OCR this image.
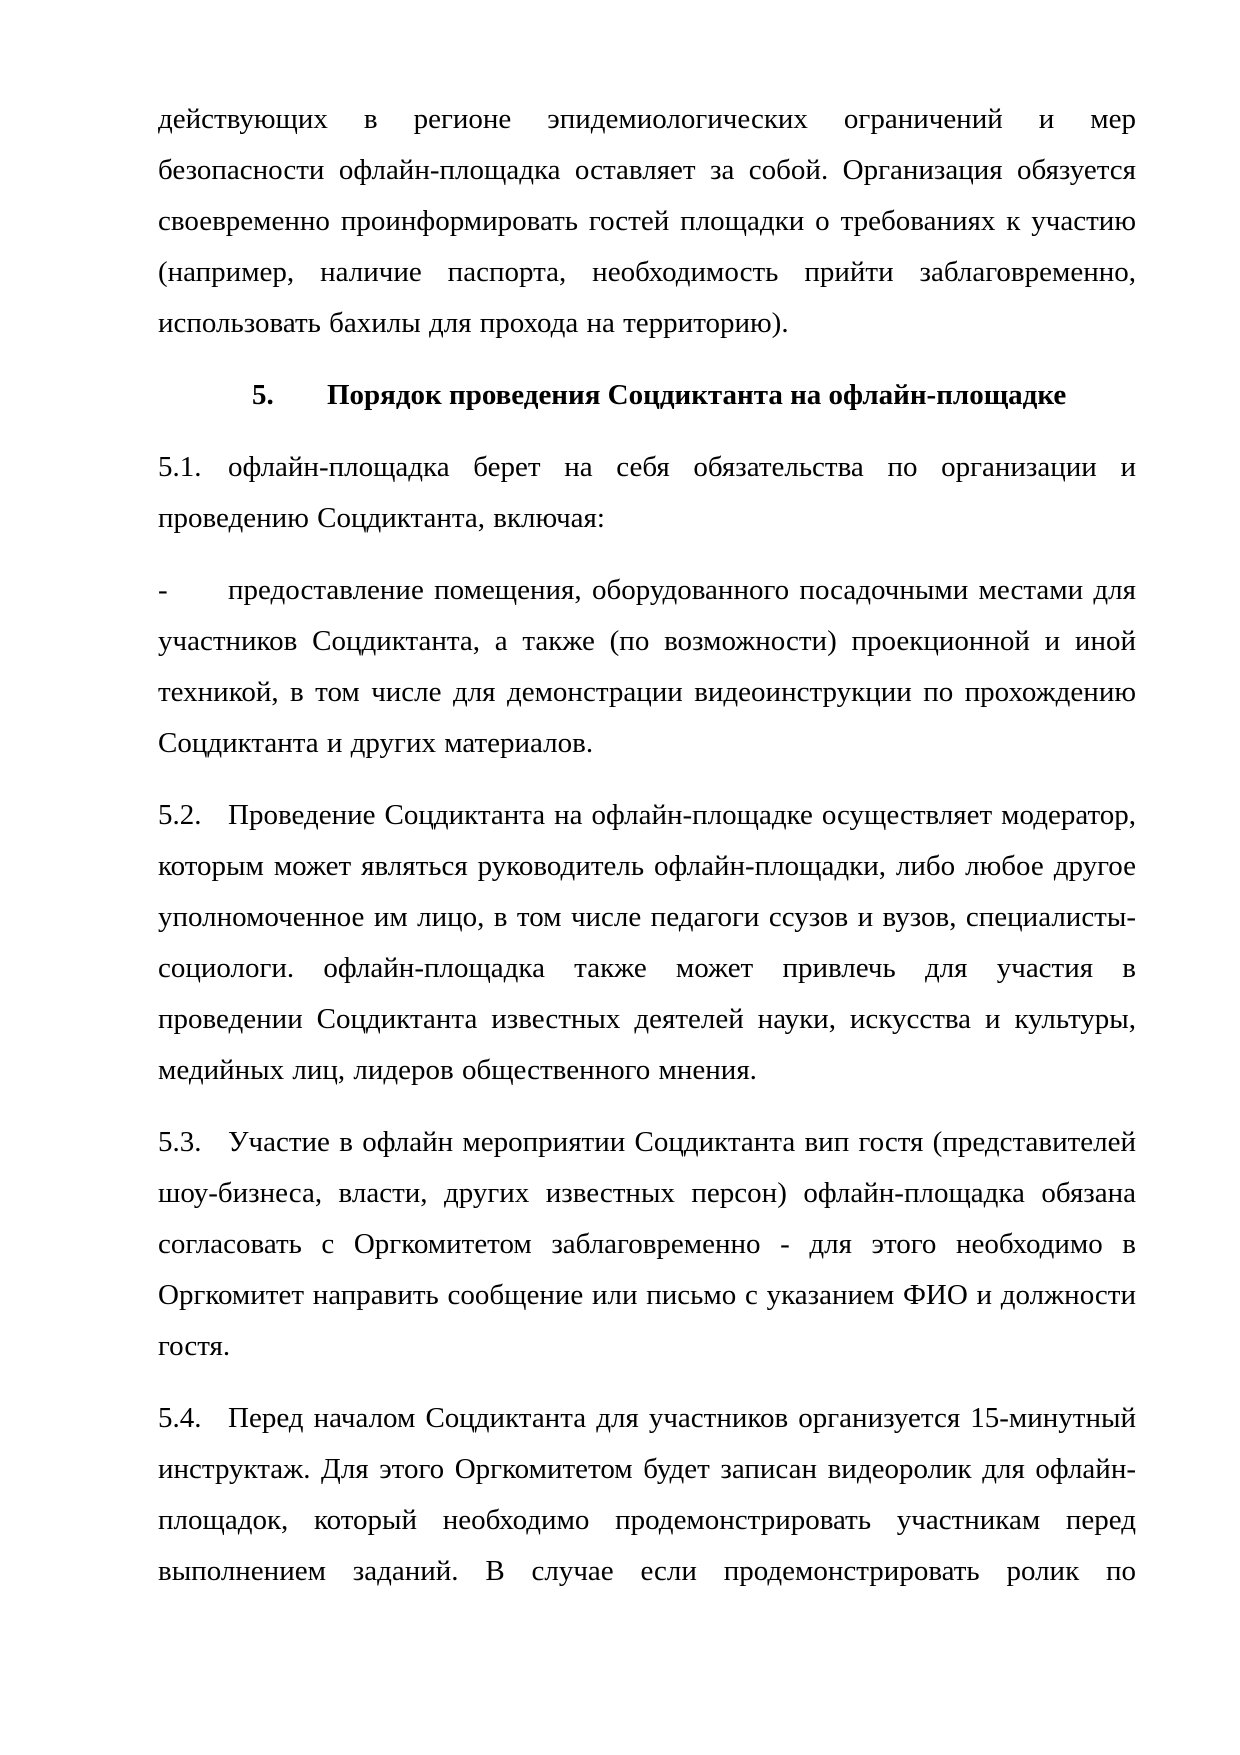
действующих в регионе эпидемиологических ограничений и мер безопасности офлайн-площадка оставляет за собой. Организация обязуется своевременно проинформировать гостей площадки о требованиях к участию (например, наличие паспорта, необходимость прийти заблаговременно, использовать бахилы для прохода на территорию).

5. Порядок проведения Соцдиктанта на офлайн-площадке

5.1. офлайн-площадка берет на себя обязательства по организации и проведению Соцдиктанта, включая:

- предоставление помещения, оборудованного посадочными местами для участников Соцдиктанта, а также (по возможности) проекционной и иной техникой, в том числе для демонстрации видеоинструкции по прохождению Соцдиктанта и других материалов.

5.2. Проведение Соцдиктанта на офлайн-площадке осуществляет модератор, которым может являться руководитель офлайн-площадки, либо любое другое уполномоченное им лицо, в том числе педагоги ссузов и вузов, специалисты-социологи. офлайн-площадка также может привлечь для участия в проведении Соцдиктанта известных деятелей науки, искусства и культуры, медийных лиц, лидеров общественного мнения.

5.3. Участие в офлайн мероприятии Соцдиктанта вип гостя (представителей шоу-бизнеса, власти, других известных персон) офлайн-площадка обязана согласовать с Оргкомитетом заблаговременно - для этого необходимо в Оргкомитет направить сообщение или письмо с указанием ФИО и должности гостя.

5.4. Перед началом Соцдиктанта для участников организуется 15-минутный инструктаж. Для этого Оргкомитетом будет записан видеоролик для офлайн-площадок, который необходимо продемонстрировать участникам перед выполнением заданий. В случае если продемонстрировать ролик по
